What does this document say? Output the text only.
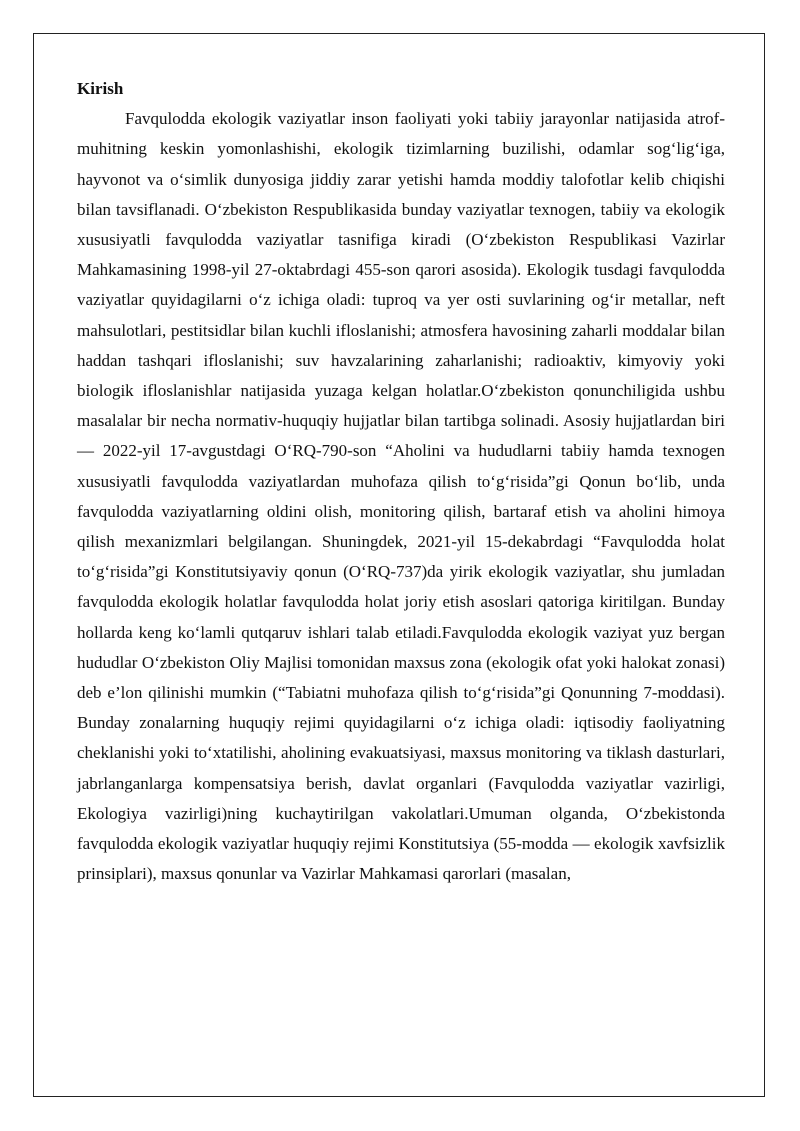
Kirish

Favqulodda ekologik vaziyatlar inson faoliyati yoki tabiiy jarayonlar natijasida atrof-muhitning keskin yomonlashishi, ekologik tizimlarning buzilishi, odamlar sog‘lig‘iga, hayvonot va o‘simlik dunyosiga jiddiy zarar yetishi hamda moddiy talofotlar kelib chiqishi bilan tavsiflanadi. O‘zbekiston Respublikasida bunday vaziyatlar texnogen, tabiiy va ekologik xususiyatli favqulodda vaziyatlar tasnifiga kiradi (O‘zbekiston Respublikasi Vazirlar Mahkamasining 1998-yil 27-oktabrdagi 455-son qarori asosida). Ekologik tusdagi favqulodda vaziyatlar quyidagilarni o‘z ichiga oladi: tuproq va yer osti suvlarining og‘ir metallar, neft mahsulotlari, pestitsidlar bilan kuchli ifloslanishi; atmosfera havosining zaharli moddalar bilan haddan tashqari ifloslanishi; suv havzalarining zaharlanishi; radioaktiv, kimyoviy yoki biologik ifloslanishlar natijasida yuzaga kelgan holatlar.O‘zbekiston qonunchiligida ushbu masalalar bir necha normativ-huquqiy hujjatlar bilan tartibga solinadi. Asosiy hujjatlardan biri — 2022-yil 17-avgustdagi O‘RQ-790-son “Aholini va hududlarni tabiiy hamda texnogen xususiyatli favqulodda vaziyatlardan muhofaza qilish to‘g‘risida”gi Qonun bo‘lib, unda favqulodda vaziyatlarning oldini olish, monitoring qilish, bartaraf etish va aholini himoya qilish mexanizmlari belgilangan. Shuningdek, 2021-yil 15-dekabrdagi “Favqulodda holat to‘g‘risida”gi Konstitutsiyaviy qonun (O‘RQ-737)da yirik ekologik vaziyatlar, shu jumladan favqulodda ekologik holatlar favqulodda holat joriy etish asoslari qatoriga kiritilgan. Bunday hollarda keng ko‘lamli qutqaruv ishlari talab etiladi.Favqulodda ekologik vaziyat yuz bergan hududlar O‘zbekiston Oliy Majlisi tomonidan maxsus zona (ekologik ofat yoki halokat zonasi) deb e’lon qilinishi mumkin (“Tabiatni muhofaza qilish to‘g‘risida”gi Qonunning 7-moddasi). Bunday zonalarning huquqiy rejimi quyidagilarni o‘z ichiga oladi: iqtisodiy faoliyatning cheklanishi yoki to‘xtatilishi, aholining evakuatsiyasi, maxsus monitoring va tiklash dasturlari, jabrlanganlarga kompensatsiya berish, davlat organlari (Favqulodda vaziyatlar vazirligi, Ekologiya vazirligi)ning kuchaytirilgan vakolatlari.Umuman olganda, O‘zbekistonda favqulodda ekologik vaziyatlar huquqiy rejimi Konstitutsiya (55-modda — ekologik xavfsizlik prinsiplari), maxsus qonunlar va Vazirlar Mahkamasi qarorlari (masalan,
